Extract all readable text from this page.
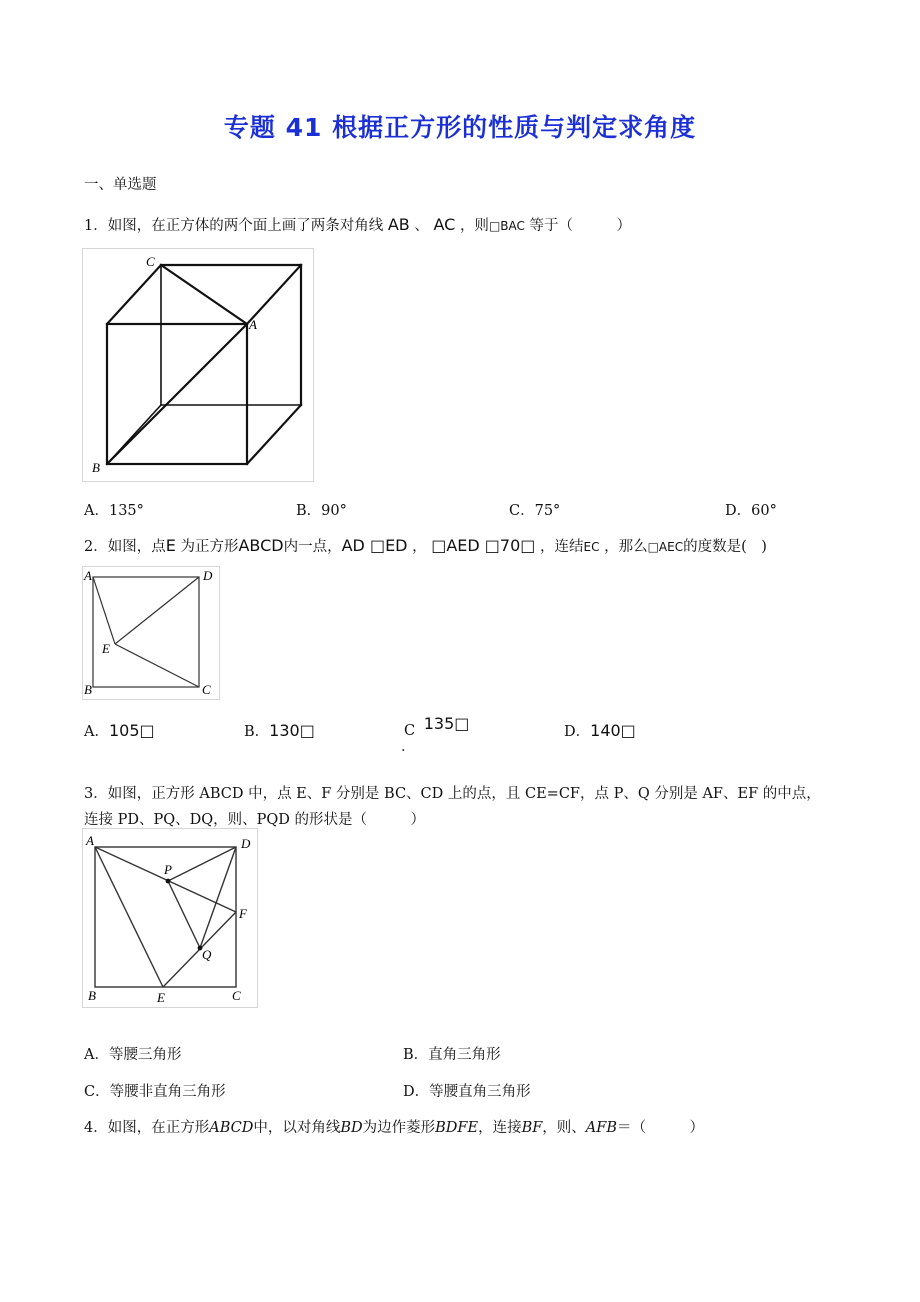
专题 41 根据正方形的性质与判定求角度
一、单选题
1．如图，在正方体的两个面上画了两条对角线 AB 、 AC ，则□BAC 等于（　　　）
C
A
B
A．135°	B．90°	C．75°	D．60°
2．如图，点E 为正方形ABCD内一点，AD □ED ， □AED □70□ ，连结EC ，那么□AEC的度数是(　)
A	D
E
B	C
A．105□	B．130□	C 135□
．
D．140□
3．如图，正方形 ABCD 中，点 E、F 分别是 BC、CD 上的点，且 CE=CF，点 P、Q 分别是 AF、EF 的中点，
连接 PD、PQ、DQ，则、PQD 的形状是（　　　）
A	D
P
F
Q
B	E	C
A．等腰三角形	B．直角三角形
C．等腰非直角三角形	D．等腰直角三角形
4．如图，在正方形ABCD中，以对角线BD为边作菱形BDFE，连接BF，则、AFB＝（　　　）
